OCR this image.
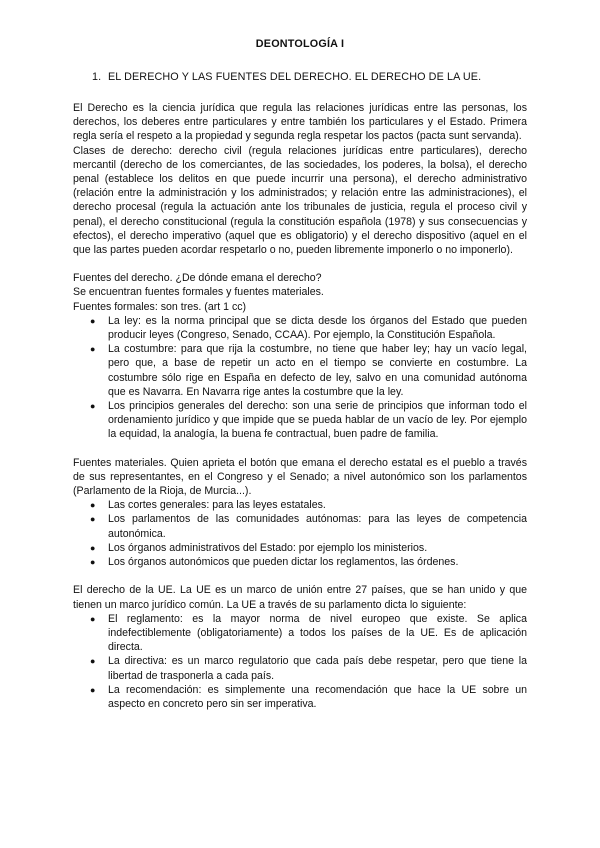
DEONTOLOGÍA I
1. EL DERECHO Y LAS FUENTES DEL DERECHO. EL DERECHO DE LA UE.

El Derecho es la ciencia jurídica que regula las relaciones jurídicas entre las personas, los derechos, los deberes entre particulares y entre también los particulares y el Estado. Primera regla sería el respeto a la propiedad y segunda regla respetar los pactos (pacta sunt servanda).

Clases de derecho: derecho civil (regula relaciones jurídicas entre particulares), derecho mercantil (derecho de los comerciantes, de las sociedades, los poderes, la bolsa), el derecho penal (establece los delitos en que puede incurrir una persona), el derecho administrativo (relación entre la administración y los administrados; y relación entre las administraciones), el derecho procesal (regula la actuación ante los tribunales de justicia, regula el proceso civil y penal), el derecho constitucional (regula la constitución española (1978) y sus consecuencias y efectos), el derecho imperativo (aquel que es obligatorio) y el derecho dispositivo (aquel en el que las partes pueden acordar respetarlo o no, pueden libremente imponerlo o no imponerlo).

Fuentes del derecho. ¿De dónde emana el derecho?

Se encuentran fuentes formales y fuentes materiales.

Fuentes formales: son tres. (art 1 cc)

● La ley: es la norma principal que se dicta desde los órganos del Estado que pueden producir leyes (Congreso, Senado, CCAA). Por ejemplo, la Constitución Española.
● La costumbre: para que rija la costumbre, no tiene que haber ley; hay un vacío legal, pero que, a base de repetir un acto en el tiempo se convierte en costumbre. La costumbre sólo rige en España en defecto de ley, salvo en una comunidad autónoma que es Navarra. En Navarra rige antes la costumbre que la ley.
● Los principios generales del derecho: son una serie de principios que informan todo el ordenamiento jurídico y que impide que se pueda hablar de un vacío de ley. Por ejemplo la equidad, la analogía, la buena fe contractual, buen padre de familia.

Fuentes materiales. Quien aprieta el botón que emana el derecho estatal es el pueblo a través de sus representantes, en el Congreso y el Senado; a nivel autonómico son los parlamentos (Parlamento de la Rioja, de Murcia...).

● Las cortes generales: para las leyes estatales.
● Los parlamentos de las comunidades autónomas: para las leyes de competencia autonómica.
● Los órganos administrativos del Estado: por ejemplo los ministerios.
● Los órganos autonómicos que pueden dictar los reglamentos, las órdenes.

El derecho de la UE. La UE es un marco de unión entre 27 países, que se han unido y que tienen un marco jurídico común. La UE a través de su parlamento dicta lo siguiente:

● El reglamento: es la mayor norma de nivel europeo que existe. Se aplica indefectiblemente (obligatoriamente) a todos los países de la UE. Es de aplicación directa.
● La directiva: es un marco regulatorio que cada país debe respetar, pero que tiene la libertad de trasponerla a cada país.
● La recomendación: es simplemente una recomendación que hace la UE sobre un aspecto en concreto pero sin ser imperativa.
